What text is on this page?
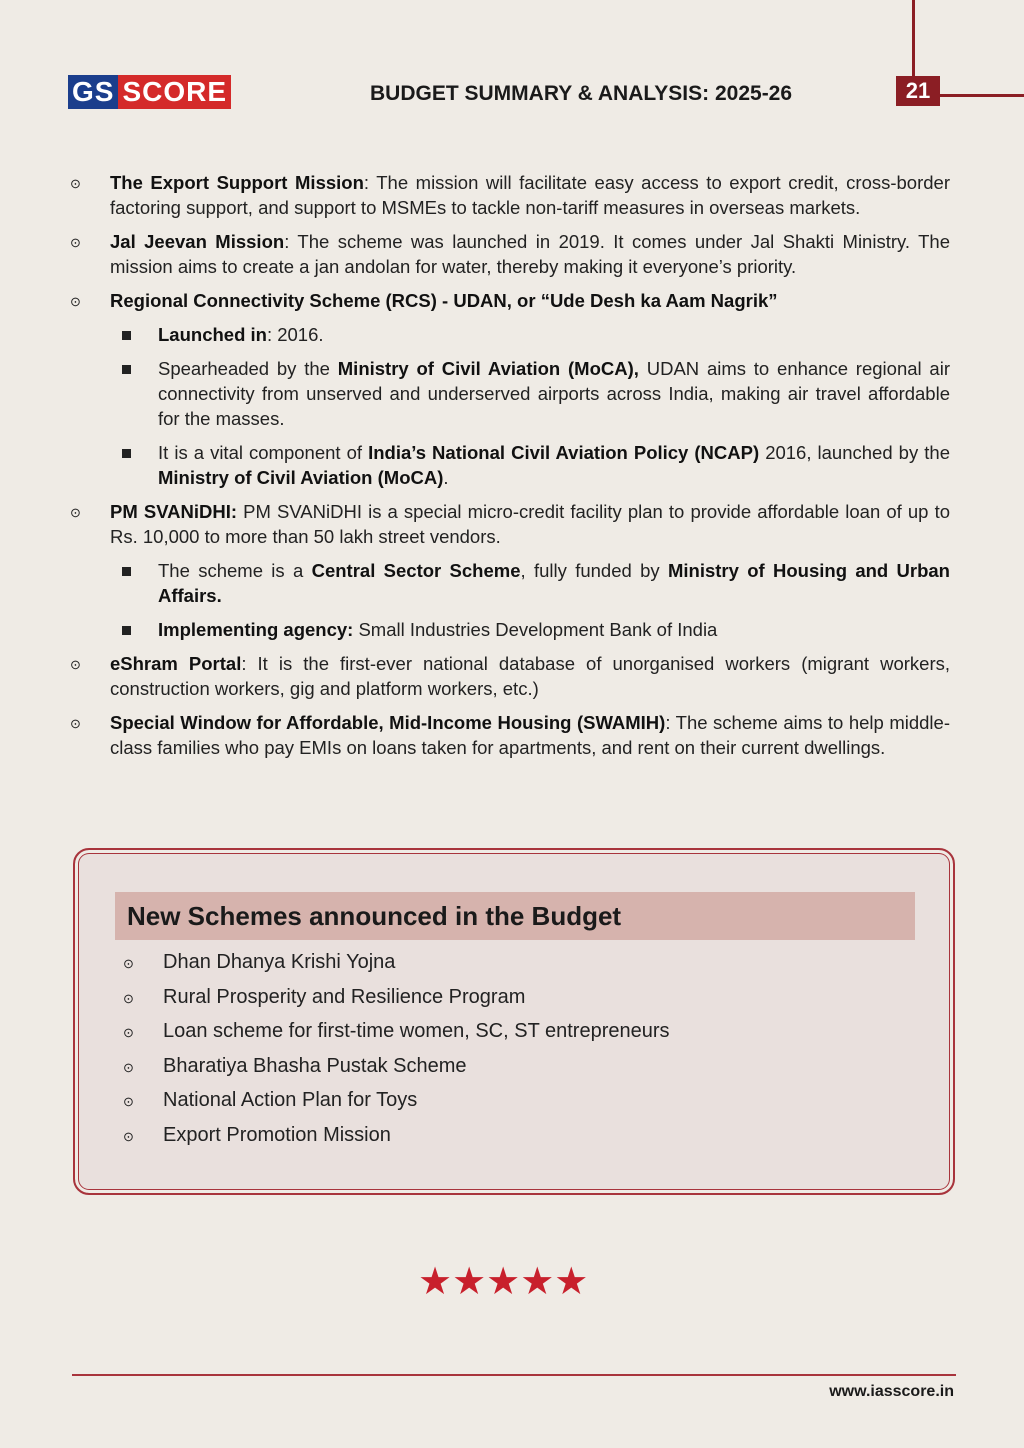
21
GS SCORE	BUDGET SUMMARY & ANALYSIS: 2025-26
⊙ The Export Support Mission: The mission will facilitate easy access to export credit, cross-border factoring support, and support to MSMEs to tackle non-tariff measures in overseas markets.
⊙ Jal Jeevan Mission: The scheme was launched in 2019. It comes under Jal Shakti Ministry. The mission aims to create a jan andolan for water, thereby making it everyone’s priority.
⊙ Regional Connectivity Scheme (RCS) - UDAN, or “Ude Desh ka Aam Nagrik”
Launched in: 2016.
Spearheaded by the Ministry of Civil Aviation (MoCA), UDAN aims to enhance regional air connectivity from unserved and underserved airports across India, making air travel affordable for the masses.
It is a vital component of India’s National Civil Aviation Policy (NCAP) 2016, launched by the Ministry of Civil Aviation (MoCA).
⊙ PM SVANiDHI: PM SVANiDHI is a special micro-credit facility plan to provide affordable loan of up to Rs. 10,000 to more than 50 lakh street vendors.
The scheme is a Central Sector Scheme, fully funded by Ministry of Housing and Urban Affairs.
Implementing agency: Small Industries Development Bank of India
⊙ eShram Portal: It is the first-ever national database of unorganised workers (migrant workers, construction workers, gig and platform workers, etc.)
⊙ Special Window for Affordable, Mid-Income Housing (SWAMIH): The scheme aims to help middle-class families who pay EMIs on loans taken for apartments, and rent on their current dwellings.
New Schemes announced in the Budget
⊙ Dhan Dhanya Krishi Yojna
⊙ Rural Prosperity and Resilience Program
⊙ Loan scheme for first-time women, SC, ST entrepreneurs
⊙ Bharatiya Bhasha Pustak Scheme
⊙ National Action Plan for Toys
⊙ Export Promotion Mission
★★★★★
www.iasscore.in
